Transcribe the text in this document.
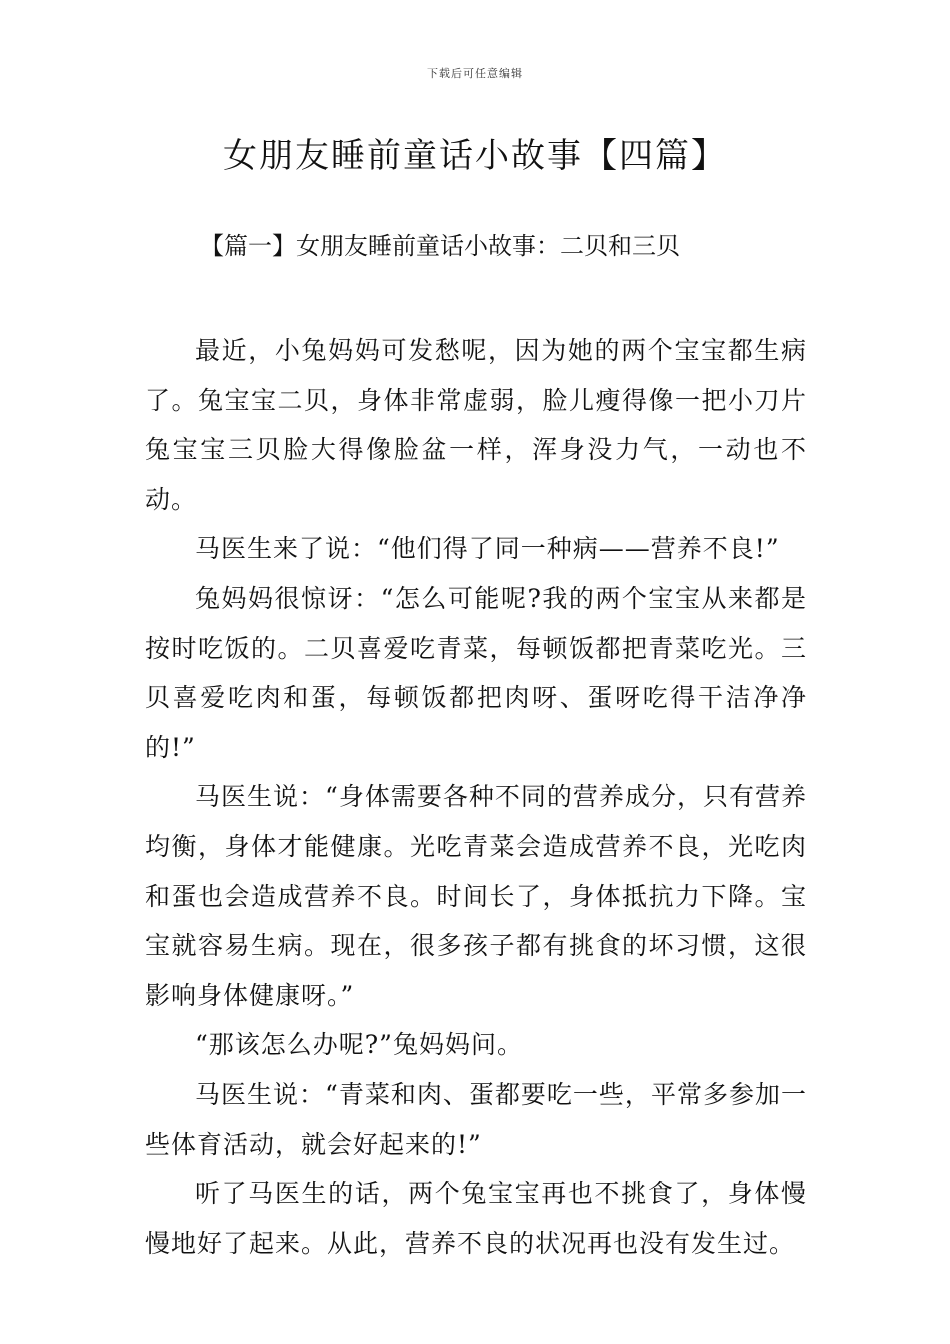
下载后可任意编辑
女朋友睡前童话小故事【四篇】
【篇一】女朋友睡前童话小故事：二贝和三贝

最近，小兔妈妈可发愁呢，因为她的两个宝宝都生病了。兔宝宝二贝，身体非常虚弱，脸儿瘦得像一把小刀片兔宝宝三贝脸大得像脸盆一样，浑身没力气，一动也不动。

马医生来了说：“他们得了同一种病——营养不良!”

兔妈妈很惊讶：“怎么可能呢?我的两个宝宝从来都是按时吃饭的。二贝喜爱吃青菜，每顿饭都把青菜吃光。三贝喜爱吃肉和蛋，每顿饭都把肉呀、蛋呀吃得干洁净净的!”

马医生说：“身体需要各种不同的营养成分，只有营养均衡，身体才能健康。光吃青菜会造成营养不良，光吃肉和蛋也会造成营养不良。时间长了，身体抵抗力下降。宝宝就容易生病。现在，很多孩子都有挑食的坏习惯，这很影响身体健康呀。”

“那该怎么办呢?”兔妈妈问。

马医生说：“青菜和肉、蛋都要吃一些，平常多参加一些体育活动，就会好起来的!”

听了马医生的话，两个兔宝宝再也不挑食了，身体慢慢地好了起来。从此，营养不良的状况再也没有发生过。
